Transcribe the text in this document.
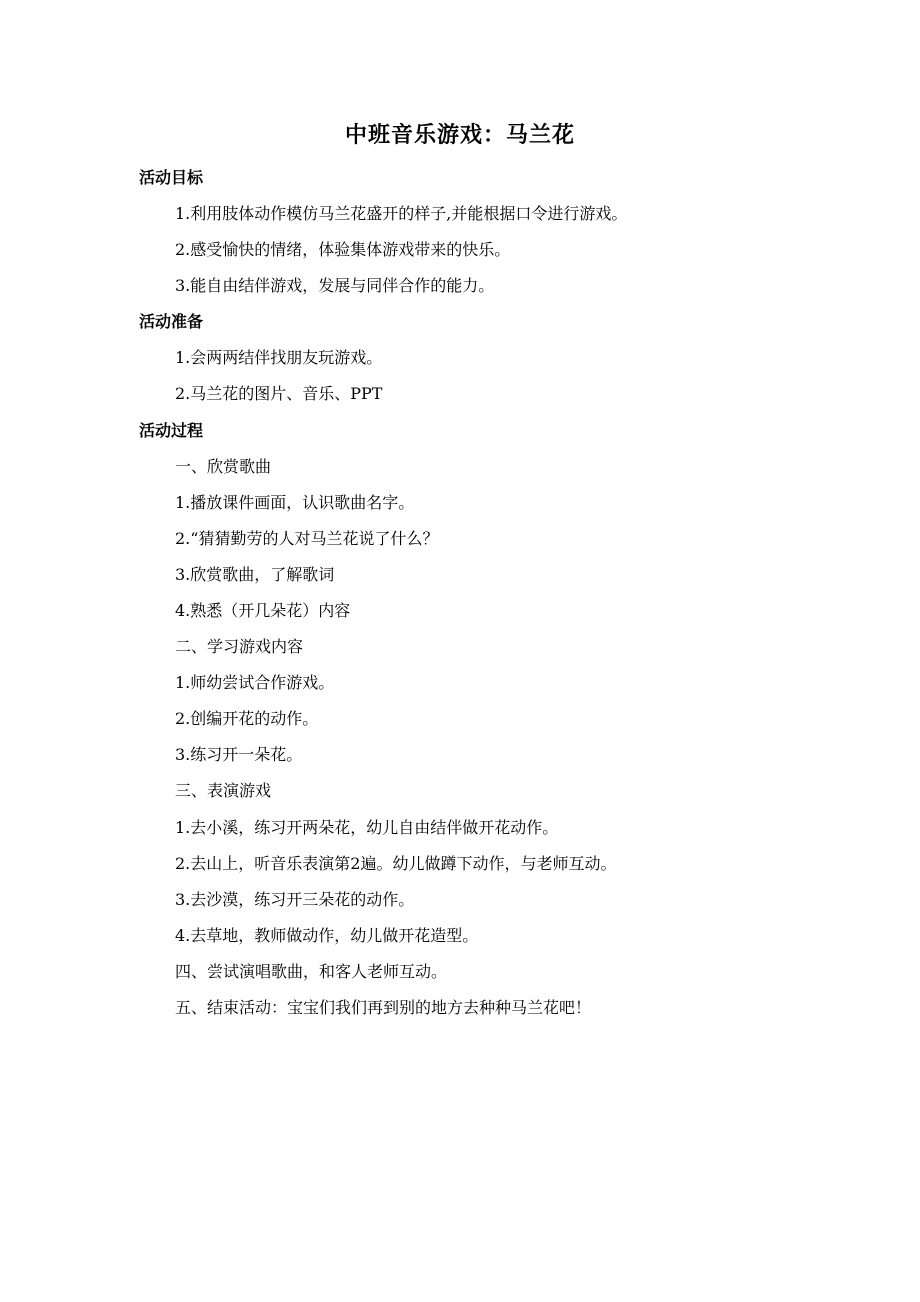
中班音乐游戏：马兰花
活动目标
1.利用肢体动作模仿马兰花盛开的样子,并能根据口令进行游戏。
2.感受愉快的情绪，体验集体游戏带来的快乐。
3.能自由结伴游戏，发展与同伴合作的能力。
活动准备
1.会两两结伴找朋友玩游戏。
2.马兰花的图片、音乐、PPT
活动过程
一、欣赏歌曲
1.播放课件画面，认识歌曲名字。
2.“猜猜勤劳的人对马兰花说了什么？
3.欣赏歌曲，了解歌词
4.熟悉（开几朵花）内容
二、学习游戏内容
1.师幼尝试合作游戏。
2.创编开花的动作。
3.练习开一朵花。
三、表演游戏
1.去小溪，练习开两朵花，幼儿自由结伴做开花动作。
2.去山上，听音乐表演第2遍。幼儿做蹲下动作，与老师互动。
3.去沙漠，练习开三朵花的动作。
4.去草地，教师做动作，幼儿做开花造型。
四、尝试演唱歌曲，和客人老师互动。
五、结束活动：宝宝们我们再到别的地方去种种马兰花吧！
